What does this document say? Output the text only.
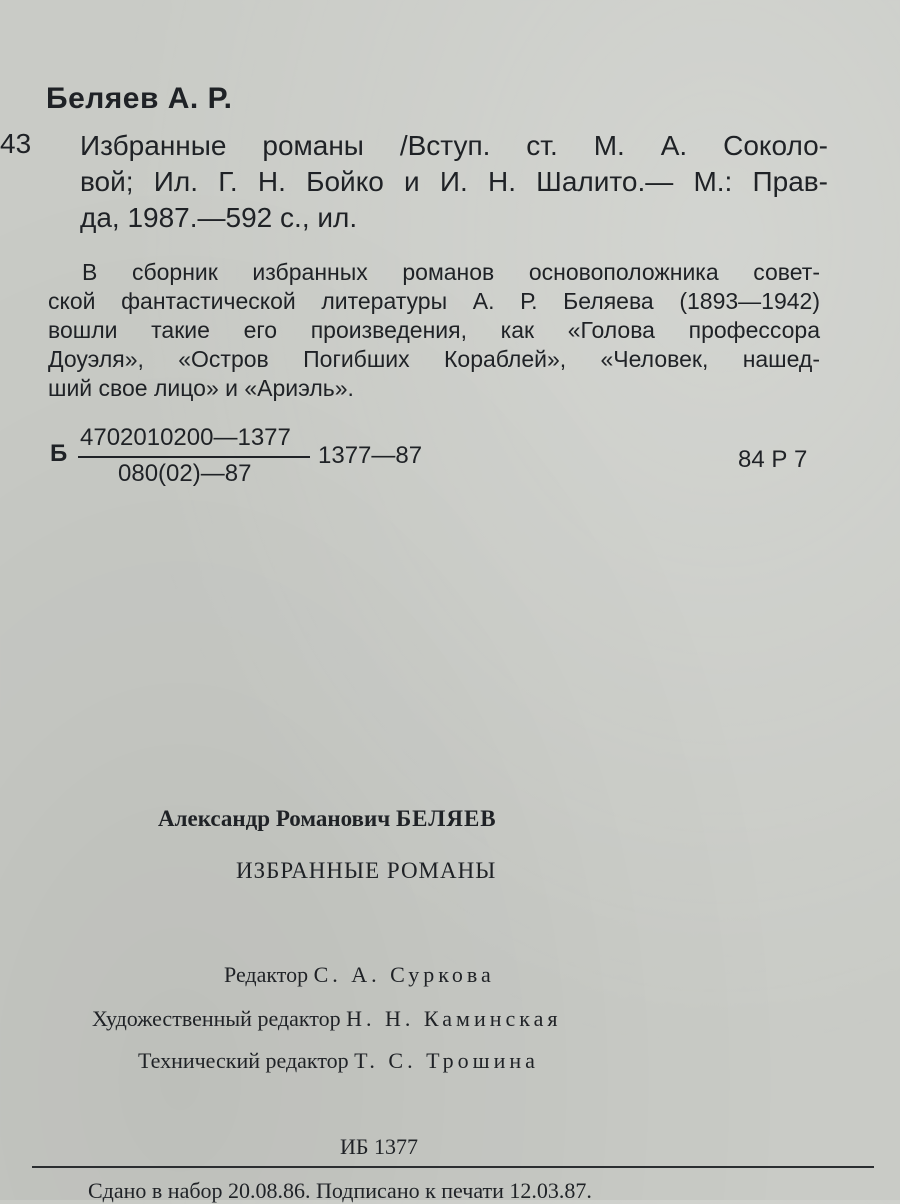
Беляев А. Р.
43 Избранные романы /Вступ. ст. М. А. Соколо-
вой; Ил. Г. Н. Бойко и И. Н. Шалито.— М.: Прав-
да, 1987.—592 с., ил.
В сборник избранных романов основоположника совет-
ской фантастической литературы А. Р. Беляева (1893—1942)
вошли такие его произведения, как «Голова профессора
Доуэля», «Остров Погибших Кораблей», «Человек, нашед-
ший свое лицо» и «Ариэль».
Б
4702010200—1377
080(02)—87
1377—87	84 Р 7
Александр Романович БЕЛЯЕВ
ИЗБРАННЫЕ РОМАНЫ
Редактор С. А. Суркова
Художественный редактор Н. Н. Каминская
Технический редактор Т. С. Трошина
ИБ 1377
Сдано в набор 20.08.86. Подписано к печати 12.03.87.
